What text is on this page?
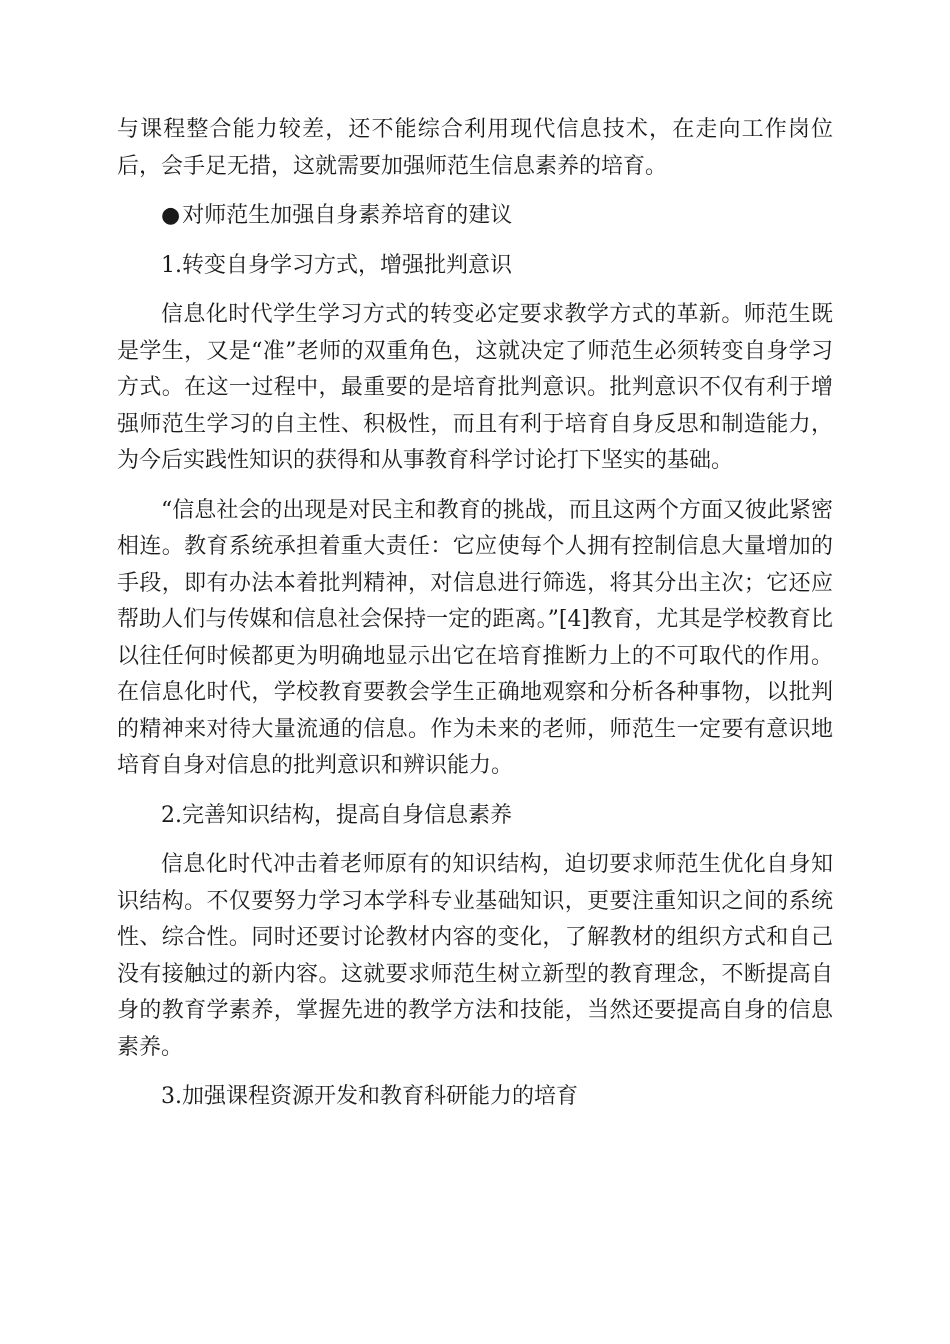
与课程整合能力较差，还不能综合利用现代信息技术，在走向工作岗位后，会手足无措，这就需要加强师范生信息素养的培育。

●对师范生加强自身素养培育的建议

1.转变自身学习方式，增强批判意识

信息化时代学生学习方式的转变必定要求教学方式的革新。师范生既是学生，又是“准”老师的双重角色，这就决定了师范生必须转变自身学习方式。在这一过程中，最重要的是培育批判意识。批判意识不仅有利于增强师范生学习的自主性、积极性，而且有利于培育自身反思和制造能力，为今后实践性知识的获得和从事教育科学讨论打下坚实的基础。

“信息社会的出现是对民主和教育的挑战，而且这两个方面又彼此紧密相连。教育系统承担着重大责任：它应使每个人拥有控制信息大量增加的手段，即有办法本着批判精神，对信息进行筛选，将其分出主次；它还应帮助人们与传媒和信息社会保持一定的距离。”[4]教育，尤其是学校教育比以往任何时候都更为明确地显示出它在培育推断力上的不可取代的作用。在信息化时代，学校教育要教会学生正确地观察和分析各种事物，以批判的精神来对待大量流通的信息。作为未来的老师，师范生一定要有意识地培育自身对信息的批判意识和辨识能力。

2.完善知识结构，提高自身信息素养

信息化时代冲击着老师原有的知识结构，迫切要求师范生优化自身知识结构。不仅要努力学习本学科专业基础知识，更要注重知识之间的系统性、综合性。同时还要讨论教材内容的变化，了解教材的组织方式和自己没有接触过的新内容。这就要求师范生树立新型的教育理念，不断提高自身的教育学素养，掌握先进的教学方法和技能，当然还要提高自身的信息素养。

3.加强课程资源开发和教育科研能力的培育
